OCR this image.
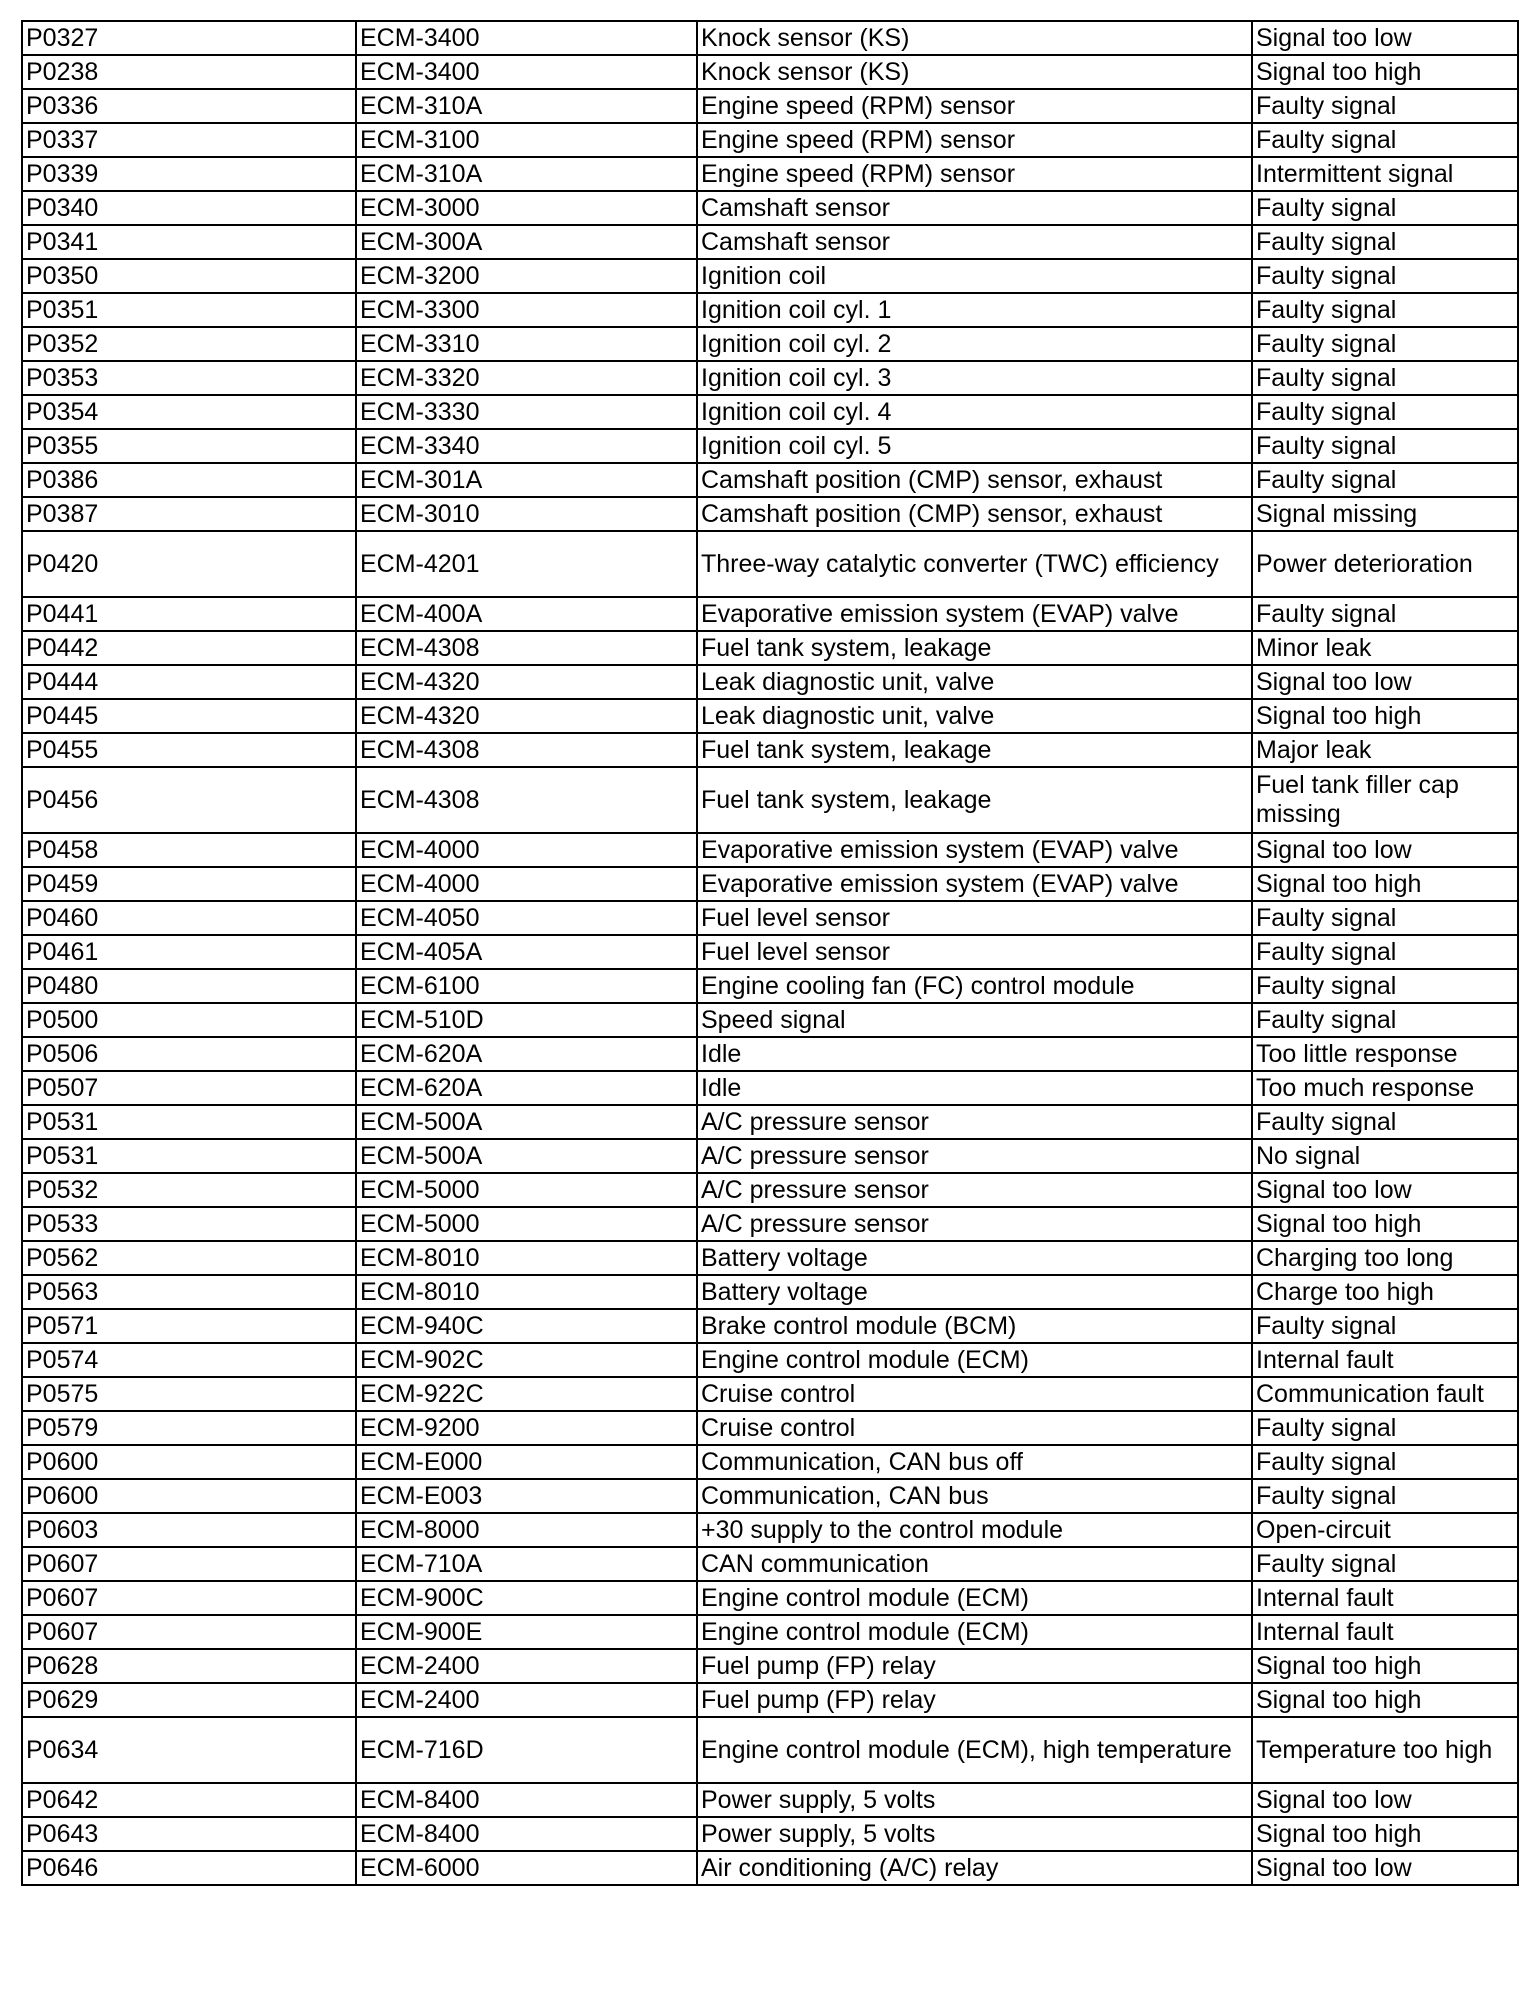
P0327	ECM-3400	Knock sensor (KS)	Signal too low
P0238	ECM-3400	Knock sensor (KS)	Signal too high
P0336	ECM-310A	Engine speed (RPM) sensor	Faulty signal
P0337	ECM-3100	Engine speed (RPM) sensor	Faulty signal
P0339	ECM-310A	Engine speed (RPM) sensor	Intermittent signal
P0340	ECM-3000	Camshaft sensor	Faulty signal
P0341	ECM-300A	Camshaft sensor	Faulty signal
P0350	ECM-3200	Ignition coil	Faulty signal
P0351	ECM-3300	Ignition coil cyl. 1	Faulty signal
P0352	ECM-3310	Ignition coil cyl. 2	Faulty signal
P0353	ECM-3320	Ignition coil cyl. 3	Faulty signal
P0354	ECM-3330	Ignition coil cyl. 4	Faulty signal
P0355	ECM-3340	Ignition coil cyl. 5	Faulty signal
P0386	ECM-301A	Camshaft position (CMP) sensor, exhaust	Faulty signal
P0387	ECM-3010	Camshaft position (CMP) sensor, exhaust	Signal missing
P0420	ECM-4201	Three-way catalytic converter (TWC) efficiency	Power deterioration
P0441	ECM-400A	Evaporative emission system (EVAP) valve	Faulty signal
P0442	ECM-4308	Fuel tank system, leakage	Minor leak
P0444	ECM-4320	Leak diagnostic unit, valve	Signal too low
P0445	ECM-4320	Leak diagnostic unit, valve	Signal too high
P0455	ECM-4308	Fuel tank system, leakage	Major leak
P0456	ECM-4308	Fuel tank system, leakage	Fuel tank filler cap missing
P0458	ECM-4000	Evaporative emission system (EVAP) valve	Signal too low
P0459	ECM-4000	Evaporative emission system (EVAP) valve	Signal too high
P0460	ECM-4050	Fuel level sensor	Faulty signal
P0461	ECM-405A	Fuel level sensor	Faulty signal
P0480	ECM-6100	Engine cooling fan (FC) control module	Faulty signal
P0500	ECM-510D	Speed signal	Faulty signal
P0506	ECM-620A	Idle	Too little response
P0507	ECM-620A	Idle	Too much response
P0531	ECM-500A	A/C pressure sensor	Faulty signal
P0531	ECM-500A	A/C pressure sensor	No signal
P0532	ECM-5000	A/C pressure sensor	Signal too low
P0533	ECM-5000	A/C pressure sensor	Signal too high
P0562	ECM-8010	Battery voltage	Charging too long
P0563	ECM-8010	Battery voltage	Charge too high
P0571	ECM-940C	Brake control module (BCM)	Faulty signal
P0574	ECM-902C	Engine control module (ECM)	Internal fault
P0575	ECM-922C	Cruise control	Communication fault
P0579	ECM-9200	Cruise control	Faulty signal
P0600	ECM-E000	Communication, CAN bus off	Faulty signal
P0600	ECM-E003	Communication, CAN bus	Faulty signal
P0603	ECM-8000	+30 supply to the control module	Open-circuit
P0607	ECM-710A	CAN communication	Faulty signal
P0607	ECM-900C	Engine control module (ECM)	Internal fault
P0607	ECM-900E	Engine control module (ECM)	Internal fault
P0628	ECM-2400	Fuel pump (FP) relay	Signal too high
P0629	ECM-2400	Fuel pump (FP) relay	Signal too high
P0634	ECM-716D	Engine control module (ECM), high temperature	Temperature too high
P0642	ECM-8400	Power supply, 5 volts	Signal too low
P0643	ECM-8400	Power supply, 5 volts	Signal too high
P0646	ECM-6000	Air conditioning (A/C) relay	Signal too low
